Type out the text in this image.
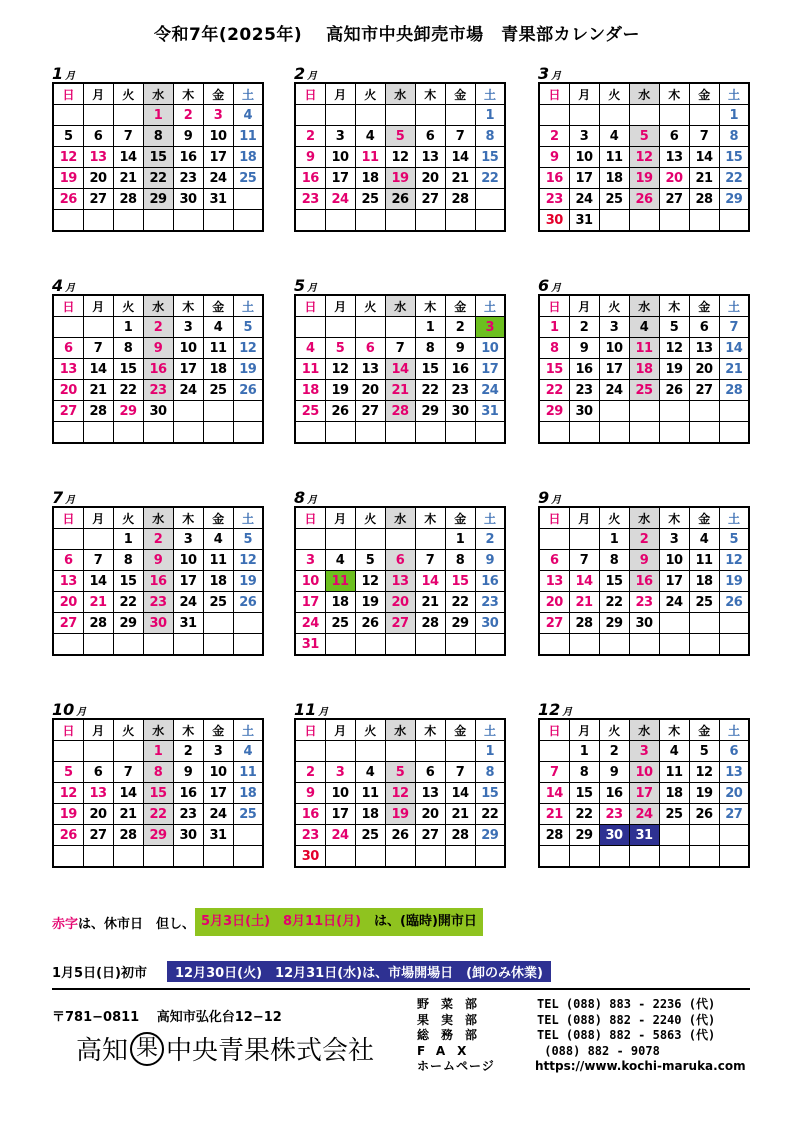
令和7年(2025年)　 高知市中央卸売市場　青果部カレンダー
1 月
日	月	火	水	木	金	土
			1	2	3	4
5	6	7	8	9	10	11
12	13	14	15	16	17	18
19	20	21	22	23	24	25
26	27	28	29	30	31	

2 月
日	月	火	水	木	金	土
						1
2	3	4	5	6	7	8
9	10	11	12	13	14	15
16	17	18	19	20	21	22
23	24	25	26	27	28	

3 月
日	月	火	水	木	金	土
						1
2	3	4	5	6	7	8
9	10	11	12	13	14	15
16	17	18	19	20	21	22
23	24	25	26	27	28	29
30	31					
4 月
日	月	火	水	木	金	土
		1	2	3	4	5
6	7	8	9	10	11	12
13	14	15	16	17	18	19
20	21	22	23	24	25	26
27	28	29	30			

5 月
日	月	火	水	木	金	土
				1	2	3
4	5	6	7	8	9	10
11	12	13	14	15	16	17
18	19	20	21	22	23	24
25	26	27	28	29	30	31

6 月
日	月	火	水	木	金	土
1	2	3	4	5	6	7
8	9	10	11	12	13	14
15	16	17	18	19	20	21
22	23	24	25	26	27	28
29	30					

7 月
日	月	火	水	木	金	土
		1	2	3	4	5
6	7	8	9	10	11	12
13	14	15	16	17	18	19
20	21	22	23	24	25	26
27	28	29	30	31		

8 月
日	月	火	水	木	金	土
					1	2
3	4	5	6	7	8	9
10	11	12	13	14	15	16
17	18	19	20	21	22	23
24	25	26	27	28	29	30
31						
9 月
日	月	火	水	木	金	土
		1	2	3	4	5
6	7	8	9	10	11	12
13	14	15	16	17	18	19
20	21	22	23	24	25	26
27	28	29	30			

10 月
日	月	火	水	木	金	土
			1	2	3	4
5	6	7	8	9	10	11
12	13	14	15	16	17	18
19	20	21	22	23	24	25
26	27	28	29	30	31	

11 月
日	月	火	水	木	金	土
						1
2	3	4	5	6	7	8
9	10	11	12	13	14	15
16	17	18	19	20	21	22
23	24	25	26	27	28	29
30						
12 月
日	月	火	水	木	金	土
	1	2	3	4	5	6
7	8	9	10	11	12	13
14	15	16	17	18	19	20
21	22	23	24	25	26	27
28	29	30	31			

赤字は、休市日　但し、 5月3日(土)　8月11日(月)　は、(臨時)開市日
1月5日(日)初市 12月30日(火)　12月31日(水)は、市場開場日　(卸のみ休業)
〒781−0811　 高知市弘化台12−12
高知 果 中央青果株式会社
野菜部	TEL (088) 883 - 2236 (代)
果実部	TEL (088) 882 - 2240 (代)
総務部	TEL (088) 882 - 5863 (代)
FAX	(088) 882 - 9078
ホームページ	https://www.kochi-maruka.com
